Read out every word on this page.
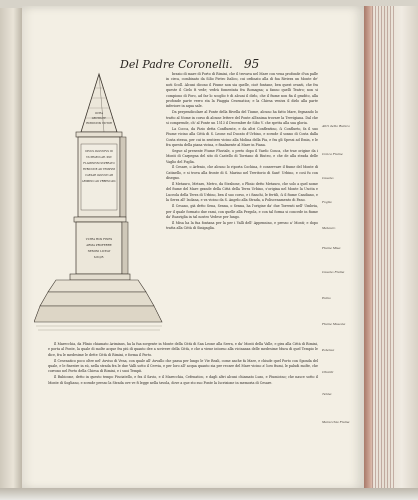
Del Padre Coronelli. 95
OCRA
GENTIS EF.
RUBICONIS VICTOR
DIVUS AVGVSTVS III
VS PRAECLAR. XXV
FLAMINIVM SVPERATO
RVBICONE AD TEMPVM
CAESAR AVGVSTI AB
ARIMINO AD VRBEM IAN.
VLTRA HOS FINES
ARMA PROFERRE
NEMINI LICEAT
S.P.Q.R.

brazio di mare di Porto di Rimini, che il trovava nel Mare con vena profonde d'un palle in circa, combinato da Silio Pietro Italico, cui ordinato alla di fua Riviera un Monte de' noti Scoll. Alcuni dicono il Fiume non sia quelle, cioè fontane, ben quest ovanti, che fra queste il Cielo fi vede; vedrà fomentata fra Romagna; a fanno quelli Teatro; non si compiono di Foro, ad far lo scoglio è di alcuni il dirlo, che il fiume non fia il gradito, alla profonde parte verro sta la Piaggia Cesenatica; e la Chiesa veniva il dirlo alla parte inferiore in aqua sale.

Da perpendicolare al Ponte della Rivella del Tiume, alcuno ha fatto Mare, fegnando lo tratto al Nome in corso di alcune lettere del Ponte all'anima trovare la Trevigiana. Dal che si comprende, ch' al Ponte un 1513 il Decembre de Sibo V. che spetta alla sua gloria.

La Cocca, da Pizio detta Confluente, e da altri Conflentino, & Conflueto, fa il suo Fiume vicino alla Città di S. Leone sul Ducato d'Urbino, e scende il sonno di Costa dalla Costa stessa, per cui in sentiero vicino alla Molina della Pia, e fra gli Spessi ad Emin, e le fra questa della piana vicina, e finalmente al Mare in Piana.

Segue al presente Fiume Fluviale, o preto dopo il Vardo Conca, che trae origine da i Monti di Carpegna del sito di Castello di Torriano di Riuteo, e che de alla strada delle Vaglio del Foglia.

Il Cesare, o Arfenio, che alcuno lo riporta Cochina, è conservare il fiume del Monte di Catinello, e si trova alla fronte di S. Marino nel Territorio di Sant' Urbino, e così fu con disegno.

Il Metauro, Metaro, Metro, da Strabone, o Plinio detto Metauro, che solo a quel nome del fiume del Mare grande della Città della Terra Urbino, s'origina nel Monte la Uscita e Luceola della Terra di Urbino, ben il suo corso, e i fianchi, le fertili, & il fiume Candiano, e la Serra all' Isolana, e va vicino da S. Angelo alla Strada, a Poliscenamento di Fano.

Il Cesano, già detto Sena, Senna, o Senna, ha l'origine da' due Torrenti nell' Umbria, per il quale formato due rami, con quelle alla Pergola, e con tal forma si concede in fiume da' Ruaviglia in tal nostro Vedese per lungo.

Il Misa ha la fua fontana per la per i Valli dell' Appennino, e presso a' Monti; e dopo tratta alla Città di Sinigaglia.

Il Marecchia, da Plinio chiamato Ariminus, ha la fua sorgente in Monte della Città di San Leone alla Serra, e da' Monti della Valle, e gira alla Città di Rimini, e porta al Ponte, la quale di molte acque fra più di quanto dee a scrivere della Città, e che a viene intorno alla vicinanza delle medesime Mura di quel Tempio le dice, fra le medesime le dette Città di Rimini, e forma il Porto.

Il Cesenatico poco oltre nel' Avviso di Vena, con quale all' Avvallo che passa per lungo le Vie Reali, come anche fa Mare, e chiude quel Porto con Sponda del quale, e le finestre in sù, nella strada fra le due Valli sotto il Cervia, e per loro all' acqua quanto sia per recare del Mare vicino a' loro fiumi, le paludi molte, che corrono nel Porto della Chiesa di Rimini, e i suoi Tempii.

Il Rubicone, detto in questo tempo Pisciatello, e fra il Savio, e il Marecchia, Cefenatico, e dagli altri alcuni chiamato Luso, e Fiumicino; che nasce sotto il Monte di Sogliano, e scende presso la Strada ove ve fi legge nella tavola, dove a que sto suo Ponte la Iscrizione in memoria di Cesare.

Altri detto Rubico
Conca Fiume
Cesano
Foglia
Metauro
Fiume Misa
Cesano Fiume
Esino
Fiume Musone
Potenza
Chienti
Tenna
Marecchia Fiume
